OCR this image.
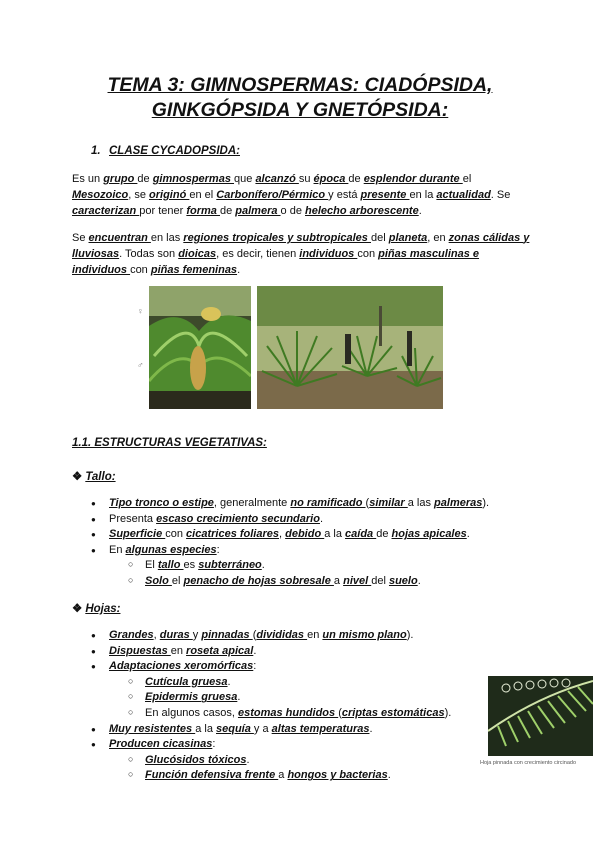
TEMA 3: GIMNOSPERMAS: CIADÓPSIDA,
GINKGÓPSIDA Y GNETÓPSIDA:
1. CLASE CYCADOPSIDA:

Es un grupo de gimnospermas que alcanzó su época de esplendor durante el Mesozoico, se originó en el Carbonífero/Pérmico y está presente en la actualidad. Se caracterizan por tener forma de palmera o de helecho arborescente.

Se encuentran en las regiones tropicales y subtropicales del planeta, en zonas cálidas y lluviosas. Todas son dioicas, es decir, tienen individuos con piñas masculinas e individuos con piñas femeninas.

♀
♂
1.1. ESTRUCTURAS VEGETATIVAS:
❖ Tallo:
❖ Hojas:
Hoja pinnada con crecimiento circinado
● Tipo tronco o estipe, generalmente no ramificado (similar a las palmeras).
● Presenta escaso crecimiento secundario.
● Superficie con cicatrices foliares, debido a la caída de hojas apicales.
● En algunas especies:
○ El tallo es subterráneo.
○ Solo el penacho de hojas sobresale a nivel del suelo.
● Grandes, duras y pinnadas (divididas en un mismo plano).
● Dispuestas en roseta apical.
● Adaptaciones xeromórficas:
○ Cutícula gruesa.
○ Epidermis gruesa.
○ En algunos casos, estomas hundidos (criptas estomáticas).
● Muy resistentes a la sequía y a altas temperaturas.
● Producen cicasinas:
○ Glucósidos tóxicos.
○ Función defensiva frente a hongos y bacterias.
